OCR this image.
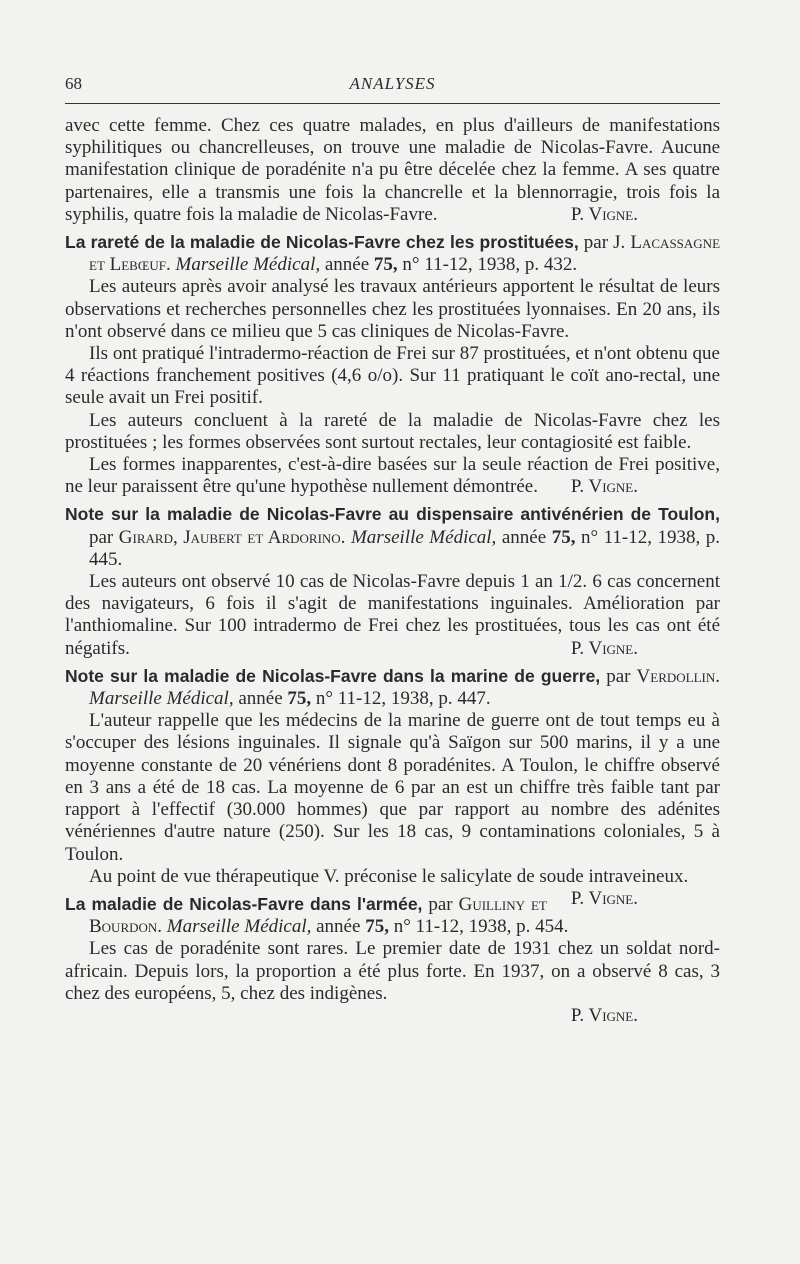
68	ANALYSES

avec cette femme. Chez ces quatre malades, en plus d'ailleurs de manifestations syphilitiques ou chancrelleuses, on trouve une maladie de Nicolas-Favre. Aucune manifestation clinique de poradénite n'a pu être décelée chez la femme. A ses quatre partenaires, elle a transmis une fois la chancrelle et la blennorragie, trois fois la syphilis, quatre fois la maladie de Nicolas-Favre.	P. Vigne.

La rareté de la maladie de Nicolas-Favre chez les prostituées, par J. Lacassagne et Lebœuf. Marseille Médical, année 75, n° 11-12, 1938, p. 432.

Les auteurs après avoir analysé les travaux antérieurs apportent le résultat de leurs observations et recherches personnelles chez les prostituées lyonnaises. En 20 ans, ils n'ont observé dans ce milieu que 5 cas cliniques de Nicolas-Favre.

Ils ont pratiqué l'intradermo-réaction de Frei sur 87 prostituées, et n'ont obtenu que 4 réactions franchement positives (4,6 o/o). Sur 11 pratiquant le coït ano-rectal, une seule avait un Frei positif.

Les auteurs concluent à la rareté de la maladie de Nicolas-Favre chez les prostituées ; les formes observées sont surtout rectales, leur contagiosité est faible.

Les formes inapparentes, c'est-à-dire basées sur la seule réaction de Frei positive, ne leur paraissent être qu'une hypothèse nullement démontrée.	P. Vigne.

Note sur la maladie de Nicolas-Favre au dispensaire antivénérien de Toulon, par Girard, Jaubert et Ardorino. Marseille Médical, année 75, n° 11-12, 1938, p. 445.

Les auteurs ont observé 10 cas de Nicolas-Favre depuis 1 an 1/2. 6 cas concernent des navigateurs, 6 fois il s'agit de manifestations inguinales. Amélioration par l'anthiomaline. Sur 100 intradermo de Frei chez les prostituées, tous les cas ont été négatifs.	P. Vigne.

Note sur la maladie de Nicolas-Favre dans la marine de guerre, par Verdollin. Marseille Médical, année 75, n° 11-12, 1938, p. 447.

L'auteur rappelle que les médecins de la marine de guerre ont de tout temps eu à s'occuper des lésions inguinales. Il signale qu'à Saïgon sur 500 marins, il y a une moyenne constante de 20 vénériens dont 8 poradénites. A Toulon, le chiffre observé en 3 ans a été de 18 cas. La moyenne de 6 par an est un chiffre très faible tant par rapport à l'effectif (30.000 hommes) que par rapport au nombre des adénites vénériennes d'autre nature (250). Sur les 18 cas, 9 contaminations coloniales, 5 à Toulon.

Au point de vue thérapeutique V. préconise le salicylate de soude intraveineux.
P. Vigne.

La maladie de Nicolas-Favre dans l'armée, par Guilliny et Bourdon. Marseille Médical, année 75, n° 11-12, 1938, p. 454.

Les cas de poradénite sont rares. Le premier date de 1931 chez un soldat nord-africain. Depuis lors, la proportion a été plus forte. En 1937, on a observé 8 cas, 3 chez des européens, 5, chez des indigènes.

P. Vigne.
